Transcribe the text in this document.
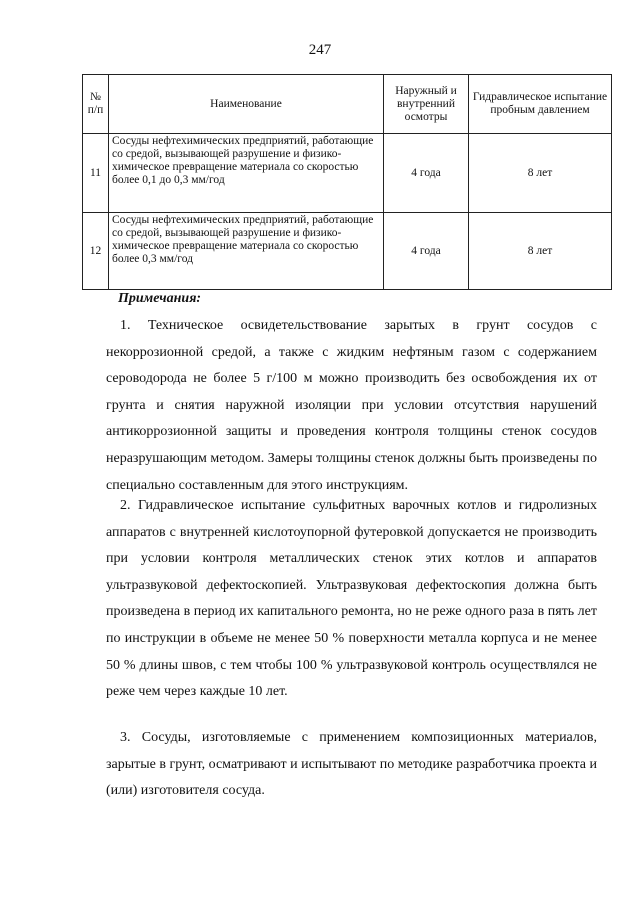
247
№ п/п	Наименование	Наружный и внутренний осмотры	Гидравлическое испытание пробным давлением
11	Сосуды нефтехимических предприятий, работающие со средой, вызывающей разрушение и физико-химическое превращение материала со скоростью более 0,1 до 0,3 мм/год	4 года	8 лет
12	Сосуды нефтехимических предприятий, работающие со средой, вызывающей разрушение и физико-химическое превращение материала со скоростью более 0,3 мм/год	4 года	8 лет
Примечания:

1. Техническое освидетельствование зарытых в грунт сосудов с некоррозионной средой, а также с жидким нефтяным газом с содержанием сероводорода не более 5 г/100 м можно производить без освобождения их от грунта и снятия наружной изоляции при условии отсутствия нарушений антикоррозионной защиты и проведения контроля толщины стенок сосудов неразрушающим методом. Замеры толщины стенок должны быть произведены по специально составленным для этого инструкциям.

2. Гидравлическое испытание сульфитных варочных котлов и гидролизных аппаратов с внутренней кислотоупорной футеровкой допускается не производить при условии контроля металлических стенок этих котлов и аппаратов ультразвуковой дефектоскопией. Ультразвуковая дефектоскопия должна быть произведена в период их капитального ремонта, но не реже одного раза в пять лет по инструкции в объеме не менее 50 % поверхности металла корпуса и не менее 50 % длины швов, с тем чтобы 100 % ультразвуковой контроль осуществлялся не реже чем через каждые 10 лет.

3. Сосуды, изготовляемые с применением композиционных материалов, зарытые в грунт, осматривают и испытывают по методике разработчика проекта и (или) изготовителя сосуда.
